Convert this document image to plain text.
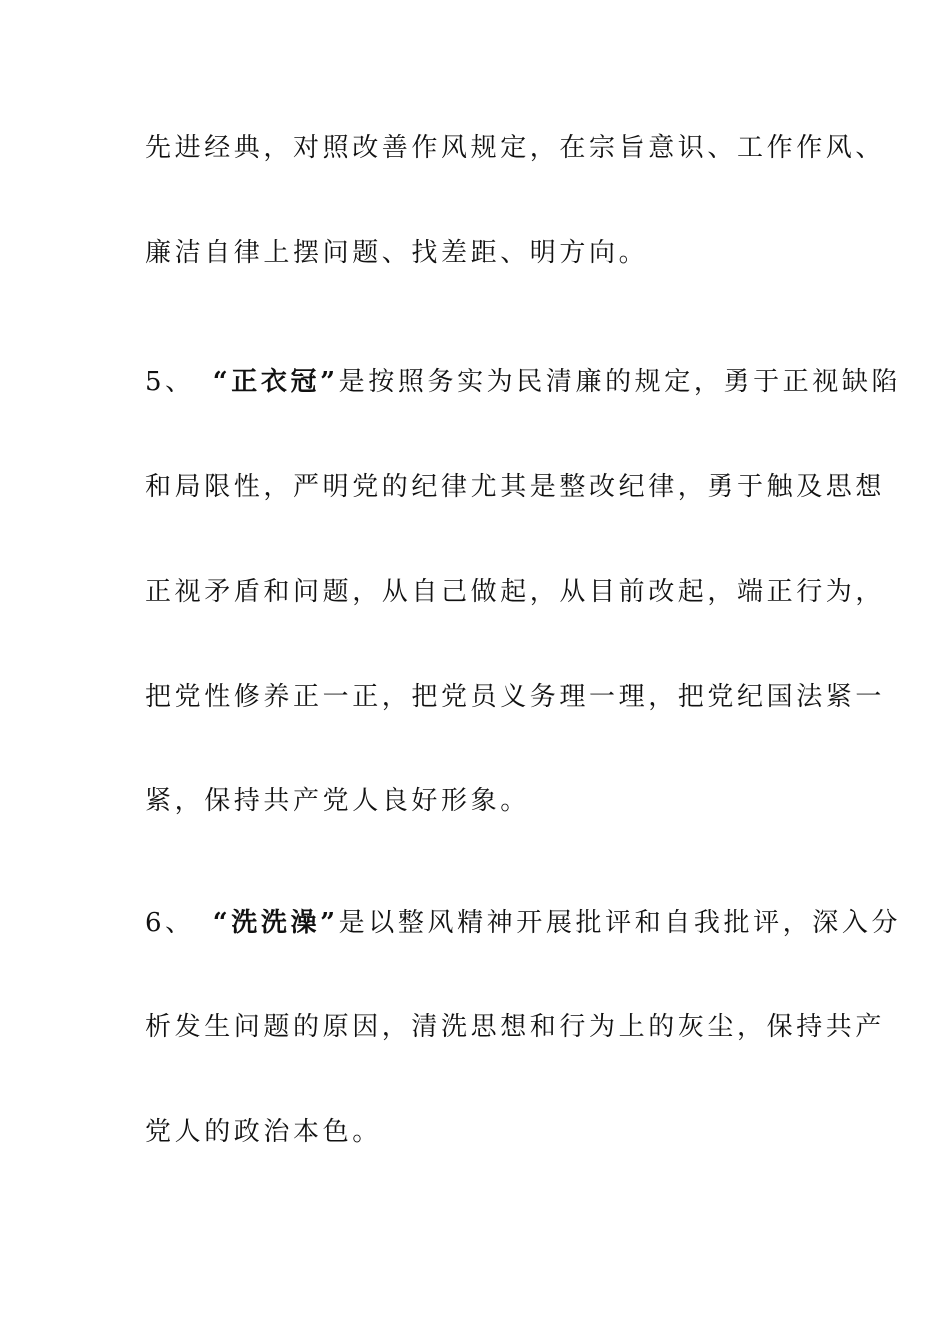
先进经典，对照改善作风规定，在宗旨意识、工作作风、
廉洁自律上摆问题、找差距、明方向。
5、 “正衣冠”是按照务实为民清廉的规定，勇于正视缺陷
和局限性，严明党的纪律尤其是整改纪律，勇于触及思想
正视矛盾和问题，从自己做起，从目前改起，端正行为，
把党性修养正一正，把党员义务理一理，把党纪国法紧一
紧，保持共产党人良好形象。
6、 “洗洗澡”是以整风精神开展批评和自我批评，深入分
析发生问题的原因，清洗思想和行为上的灰尘，保持共产
党人的政治本色。
